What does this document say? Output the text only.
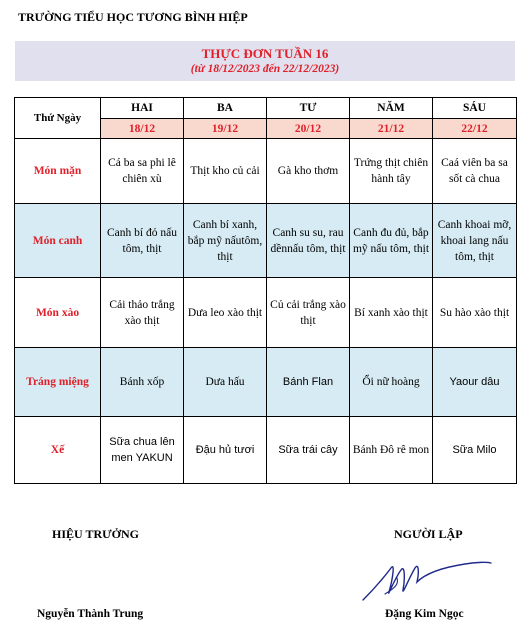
TRƯỜNG TIỂU HỌC TƯƠNG BÌNH HIỆP
THỰC ĐƠN TUẦN 16
(từ 18/12/2023 đến 22/12/2023)
Thứ Ngày	HAI	BA	TƯ	NĂM	SÁU
	18/12	19/12	20/12	21/12	22/12
Món mặn	Cá ba sa phi lê chiên xù	Thịt kho củ cải	Gà kho thơm	Trứng thịt chiên hành tây	Caá viên ba sa sốt cà chua
Món canh	Canh bí đỏ nấu tôm, thịt	Canh bí xanh, bắp mỹ nấutôm, thịt	Canh su su, rau dềnnấu tôm, thịt	Canh đu đủ, bắp mỹ nấu tôm, thịt	Canh khoai mỡ, khoai lang nấu tôm, thịt
Món xào	Cải thảo trắng xào thịt	Dưa leo xào thịt	Củ cải trắng xào thịt	Bí xanh xào thịt	Su hào xào thịt
Tráng miệng	Bánh xốp	Dưa hấu	Bánh Flan	Ổi nữ hoàng	Yaour dâu
Xế	Sữa chua lên men YAKUN	Đậu hủ tươi	Sữa trái cây	Bánh Đô rê mon	Sữa Milo
HIỆU TRƯỞNG	NGƯỜI LẬP
Nguyễn Thành Trung	Đặng Kim Ngọc
